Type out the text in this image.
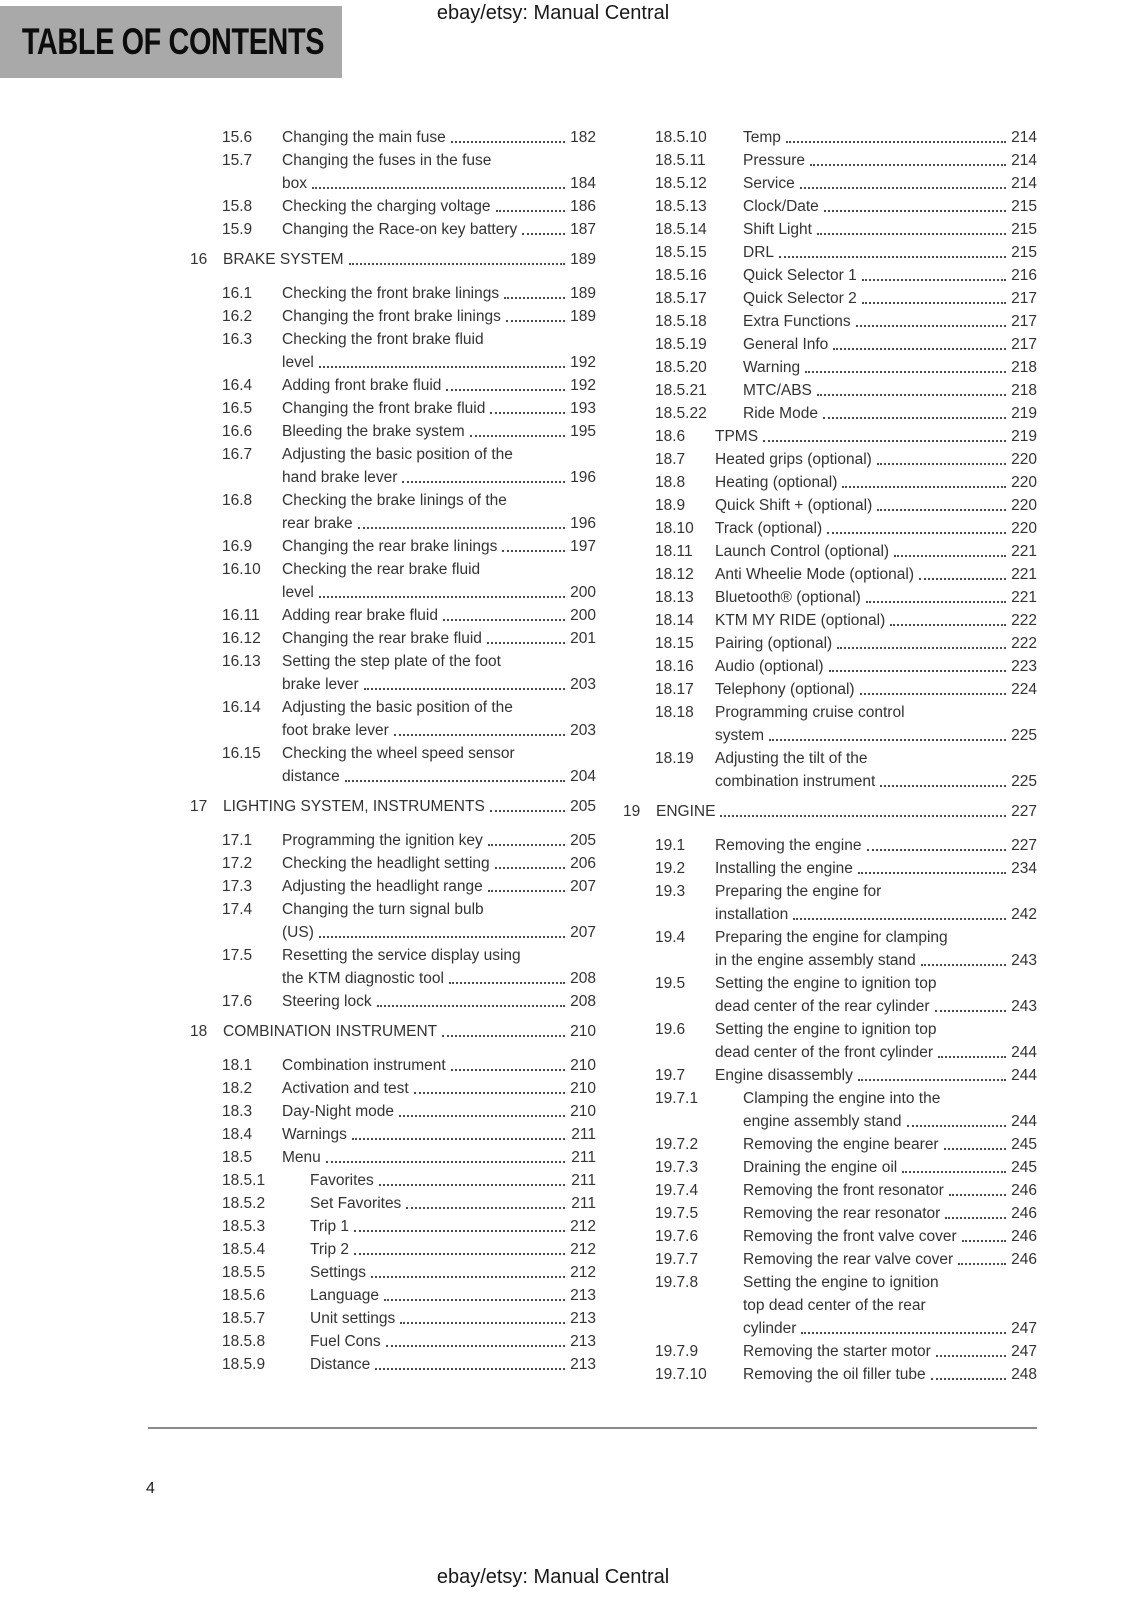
ebay/etsy: Manual Central
TABLE OF CONTENTS
15.6	Changing the main fuse	182
15.7	Changing the fuses in the fuse
box	184
15.8	Checking the charging voltage	186
15.9	Changing the Race-on key battery	187
16	BRAKE SYSTEM	189
16.1	Checking the front brake linings	189
16.2	Changing the front brake linings	189
16.3	Checking the front brake fluid
level	192
16.4	Adding front brake fluid	192
16.5	Changing the front brake fluid	193
16.6	Bleeding the brake system	195
16.7	Adjusting the basic position of the
hand brake lever	196
16.8	Checking the brake linings of the
rear brake	196
16.9	Changing the rear brake linings	197
16.10	Checking the rear brake fluid
level	200
16.11	Adding rear brake fluid	200
16.12	Changing the rear brake fluid	201
16.13	Setting the step plate of the foot
brake lever	203
16.14	Adjusting the basic position of the
foot brake lever	203
16.15	Checking the wheel speed sensor
distance	204
17	LIGHTING SYSTEM, INSTRUMENTS	205
17.1	Programming the ignition key	205
17.2	Checking the headlight setting	206
17.3	Adjusting the headlight range	207
17.4	Changing the turn signal bulb
(US)	207
17.5	Resetting the service display using
the KTM diagnostic tool	208
17.6	Steering lock	208
18	COMBINATION INSTRUMENT	210
18.1	Combination instrument	210
18.2	Activation and test	210
18.3	Day-Night mode	210
18.4	Warnings	211
18.5	Menu	211
18.5.1	Favorites	211
18.5.2	Set Favorites	211
18.5.3	Trip 1	212
18.5.4	Trip 2	212
18.5.5	Settings	212
18.5.6	Language	213
18.5.7	Unit settings	213
18.5.8	Fuel Cons	213
18.5.9	Distance	213
18.5.10	Temp	214
18.5.11	Pressure	214
18.5.12	Service	214
18.5.13	Clock/Date	215
18.5.14	Shift Light	215
18.5.15	DRL	215
18.5.16	Quick Selector 1	216
18.5.17	Quick Selector 2	217
18.5.18	Extra Functions	217
18.5.19	General Info	217
18.5.20	Warning	218
18.5.21	MTC/ABS	218
18.5.22	Ride Mode	219
18.6	TPMS	219
18.7	Heated grips (optional)	220
18.8	Heating (optional)	220
18.9	Quick Shift + (optional)	220
18.10	Track (optional)	220
18.11	Launch Control (optional)	221
18.12	Anti Wheelie Mode (optional)	221
18.13	Bluetooth® (optional)	221
18.14	KTM MY RIDE (optional)	222
18.15	Pairing (optional)	222
18.16	Audio (optional)	223
18.17	Telephony (optional)	224
18.18	Programming cruise control
system	225
18.19	Adjusting the tilt of the
combination instrument	225
19	ENGINE	227
19.1	Removing the engine	227
19.2	Installing the engine	234
19.3	Preparing the engine for
installation	242
19.4	Preparing the engine for clamping
in the engine assembly stand	243
19.5	Setting the engine to ignition top
dead center of the rear cylinder	243
19.6	Setting the engine to ignition top
dead center of the front cylinder	244
19.7	Engine disassembly	244
19.7.1	Clamping the engine into the
engine assembly stand	244
19.7.2	Removing the engine bearer	245
19.7.3	Draining the engine oil	245
19.7.4	Removing the front resonator	246
19.7.5	Removing the rear resonator	246
19.7.6	Removing the front valve cover	246
19.7.7	Removing the rear valve cover	246
19.7.8	Setting the engine to ignition
top dead center of the rear
cylinder	247
19.7.9	Removing the starter motor	247
19.7.10	Removing the oil filler tube	248
4
ebay/etsy: Manual Central
